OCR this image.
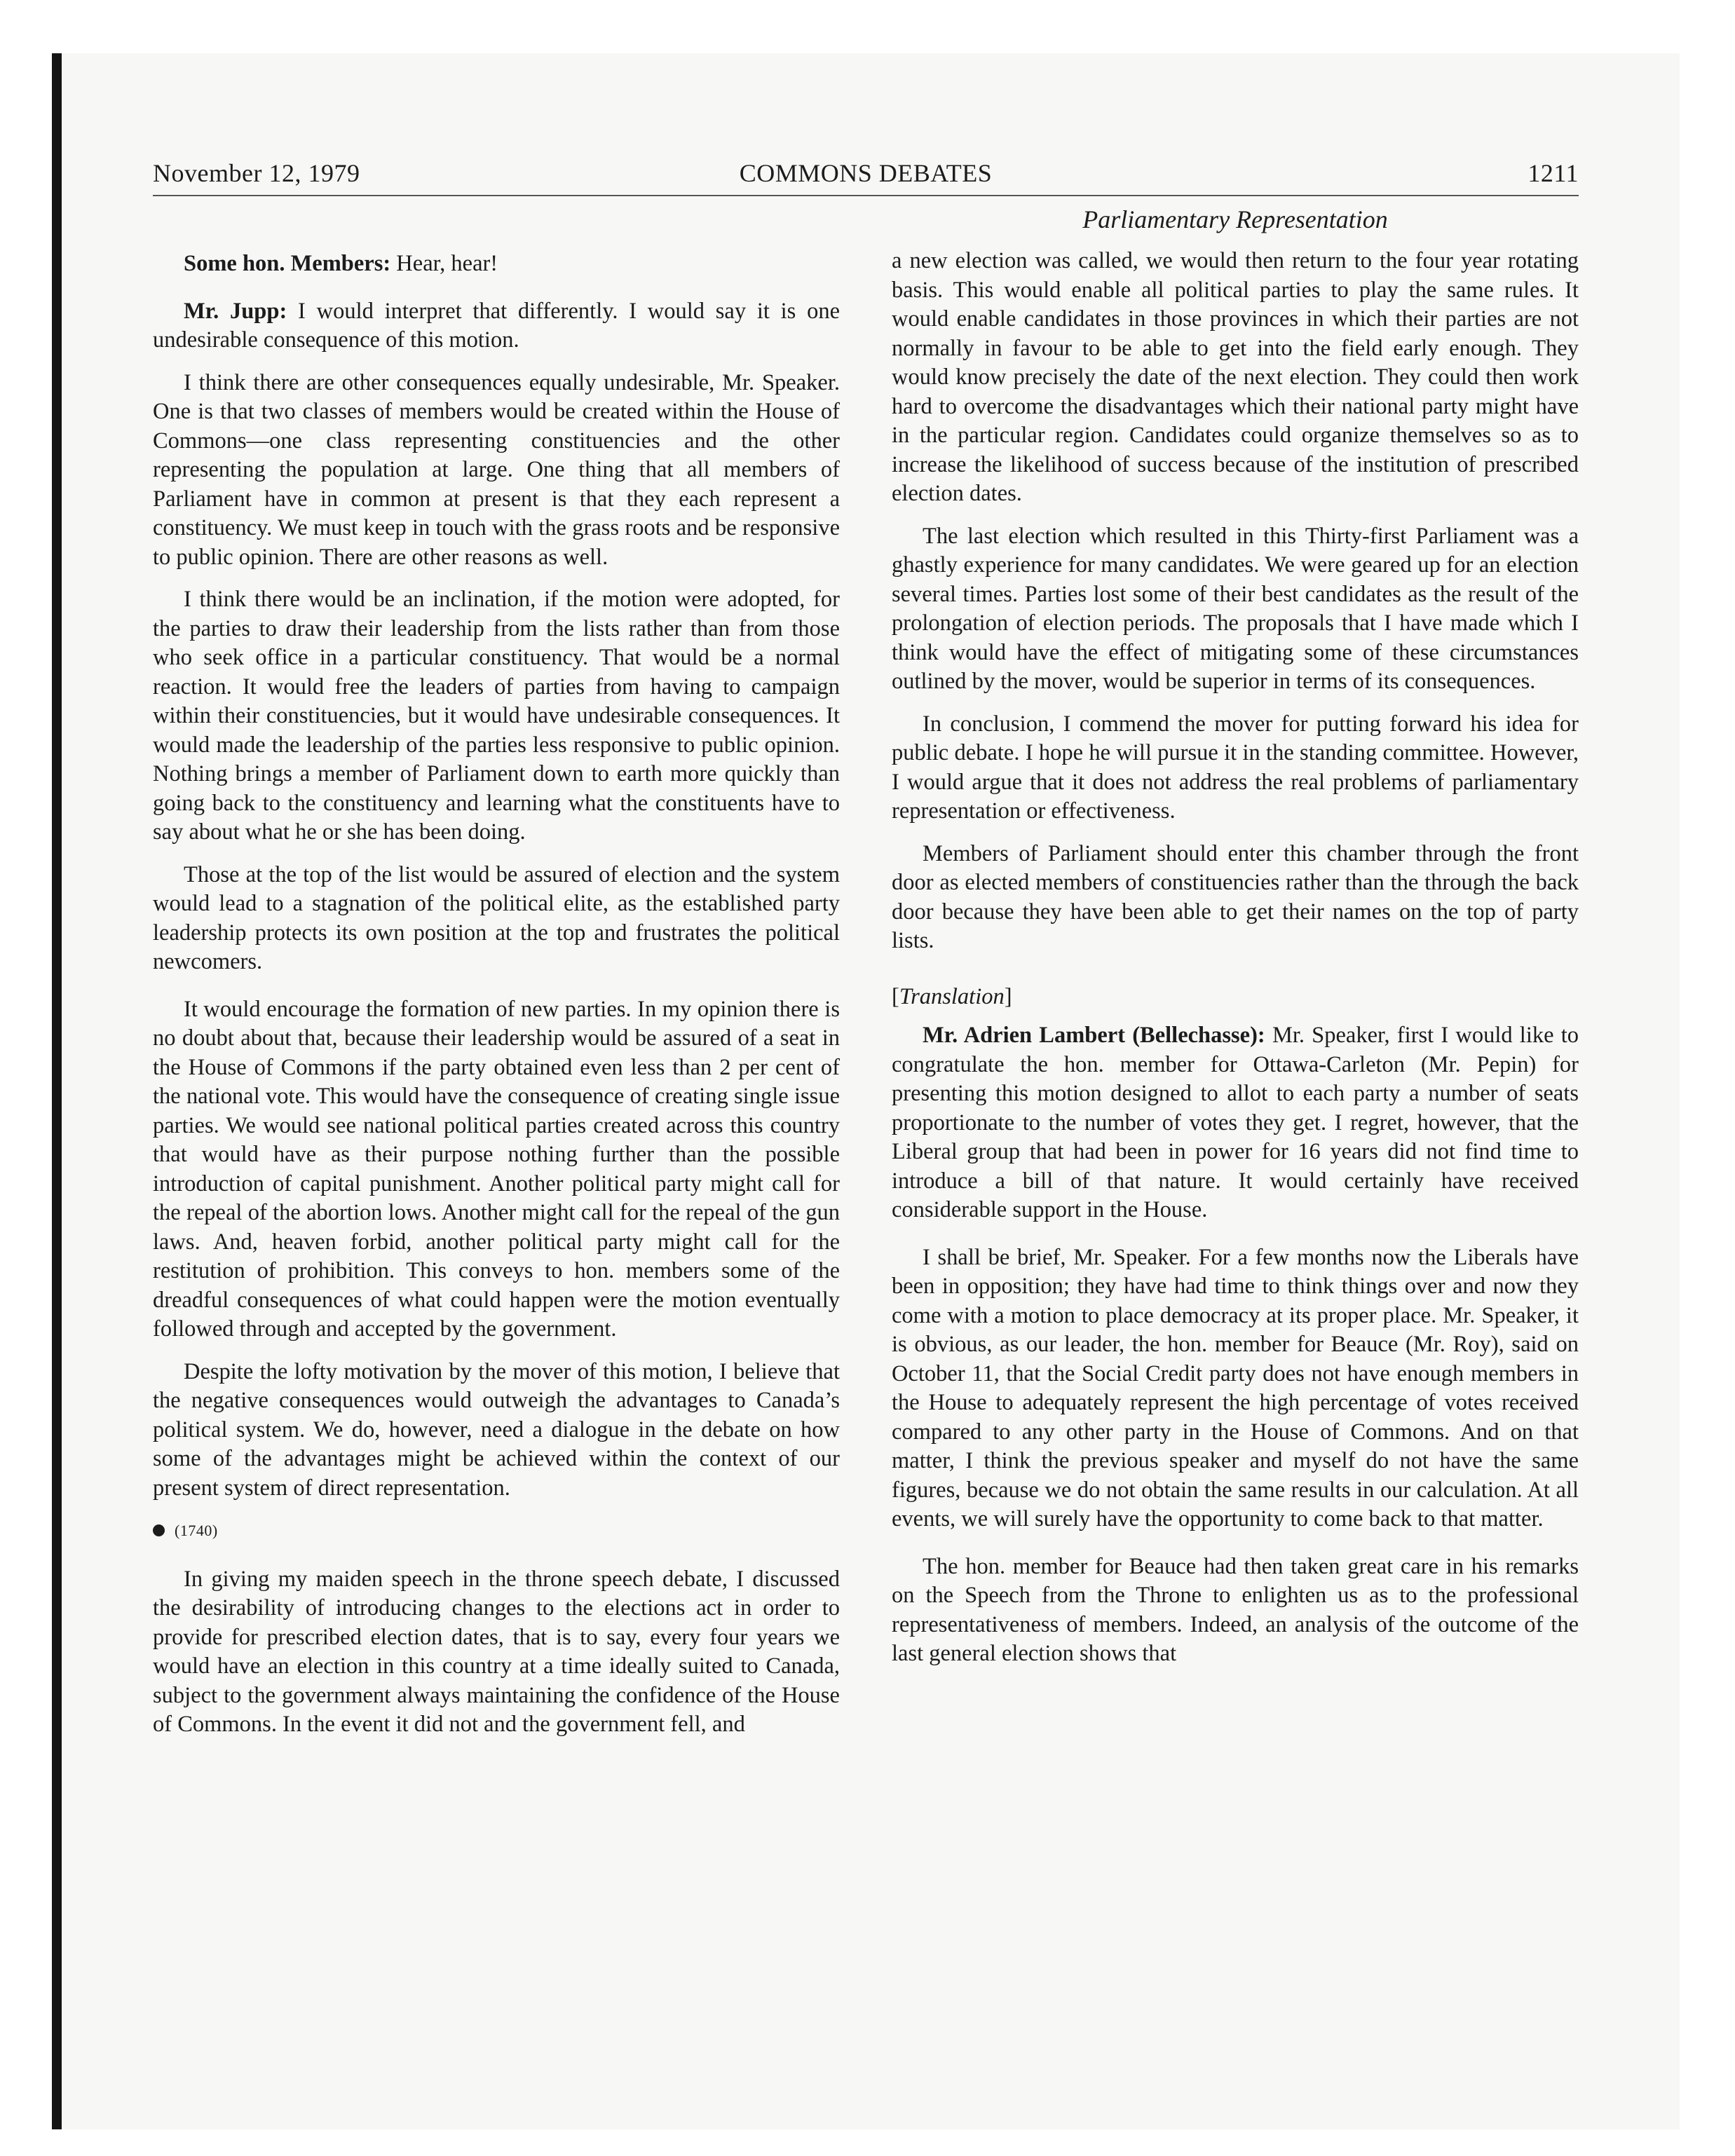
November 12, 1979	COMMONS DEBATES	1211
Parliamentary Representation

Some hon. Members: Hear, hear!

Mr. Jupp: I would interpret that differently. I would say it is one undesirable consequence of this motion.

I think there are other consequences equally undesirable, Mr. Speaker. One is that two classes of members would be created within the House of Commons—one class representing constituencies and the other representing the population at large. One thing that all members of Parliament have in common at present is that they each represent a constituency. We must keep in touch with the grass roots and be responsive to public opinion. There are other reasons as well.

I think there would be an inclination, if the motion were adopted, for the parties to draw their leadership from the lists rather than from those who seek office in a particular constituency. That would be a normal reaction. It would free the leaders of parties from having to campaign within their constituencies, but it would have undesirable consequences. It would made the leadership of the parties less responsive to public opinion. Nothing brings a member of Parliament down to earth more quickly than going back to the constituency and learning what the constituents have to say about what he or she has been doing.

Those at the top of the list would be assured of election and the system would lead to a stagnation of the political elite, as the established party leadership protects its own position at the top and frustrates the political newcomers.

It would encourage the formation of new parties. In my opinion there is no doubt about that, because their leadership would be assured of a seat in the House of Commons if the party obtained even less than 2 per cent of the national vote. This would have the consequence of creating single issue parties. We would see national political parties created across this country that would have as their purpose nothing further than the possible introduction of capital punishment. Another political party might call for the repeal of the abortion lows. Another might call for the repeal of the gun laws. And, heaven forbid, another political party might call for the restitution of prohibition. This conveys to hon. members some of the dreadful consequences of what could happen were the motion eventually followed through and accepted by the government.

Despite the lofty motivation by the mover of this motion, I believe that the negative consequences would outweigh the advantages to Canada’s political system. We do, however, need a dialogue in the debate on how some of the advantages might be achieved within the context of our present system of direct representation.

(1740)

In giving my maiden speech in the throne speech debate, I discussed the desirability of introducing changes to the elections act in order to provide for prescribed election dates, that is to say, every four years we would have an election in this country at a time ideally suited to Canada, subject to the government always maintaining the confidence of the House of Commons. In the event it did not and the government fell, and

a new election was called, we would then return to the four year rotating basis. This would enable all political parties to play the same rules. It would enable candidates in those provinces in which their parties are not normally in favour to be able to get into the field early enough. They would know precisely the date of the next election. They could then work hard to overcome the disadvantages which their national party might have in the particular region. Candidates could organize themselves so as to increase the likelihood of success because of the institution of prescribed election dates.

The last election which resulted in this Thirty-first Parliament was a ghastly experience for many candidates. We were geared up for an election several times. Parties lost some of their best candidates as the result of the prolongation of election periods. The proposals that I have made which I think would have the effect of mitigating some of these circumstances outlined by the mover, would be superior in terms of its consequences.

In conclusion, I commend the mover for putting forward his idea for public debate. I hope he will pursue it in the standing committee. However, I would argue that it does not address the real problems of parliamentary representation or effectiveness.

Members of Parliament should enter this chamber through the front door as elected members of constituencies rather than the through the back door because they have been able to get their names on the top of party lists.

[Translation]

Mr. Adrien Lambert (Bellechasse): Mr. Speaker, first I would like to congratulate the hon. member for Ottawa-Carleton (Mr. Pepin) for presenting this motion designed to allot to each party a number of seats proportionate to the number of votes they get. I regret, however, that the Liberal group that had been in power for 16 years did not find time to introduce a bill of that nature. It would certainly have received considerable support in the House.

I shall be brief, Mr. Speaker. For a few months now the Liberals have been in opposition; they have had time to think things over and now they come with a motion to place democracy at its proper place. Mr. Speaker, it is obvious, as our leader, the hon. member for Beauce (Mr. Roy), said on October 11, that the Social Credit party does not have enough members in the House to adequately represent the high percentage of votes received compared to any other party in the House of Commons. And on that matter, I think the previous speaker and myself do not have the same figures, because we do not obtain the same results in our calculation. At all events, we will surely have the opportunity to come back to that matter.

The hon. member for Beauce had then taken great care in his remarks on the Speech from the Throne to enlighten us as to the professional representativeness of members. Indeed, an analysis of the outcome of the last general election shows that
